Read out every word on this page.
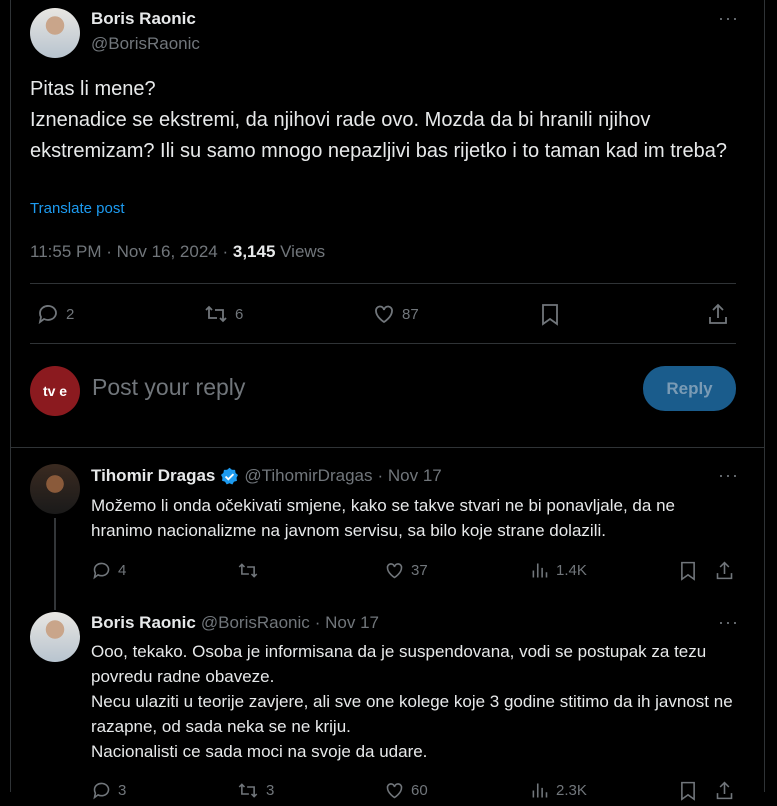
Boris Raonic
@BorisRaonic
···
Pitas li mene?
Iznenadice se ekstremi, da njihovi rade ovo. Mozda da bi hranili njihov ekstremizam? Ili su samo mnogo nepazljivi bas rijetko i to taman kad im treba?
Translate post
11:55 PM · Nov 16, 2024 · 3,145 Views
2	6	87
tv e	Post your reply	Reply
Tihomir Dragas @TihomirDragas · Nov 17	···
Možemo li onda očekivati smjene, kako se takve stvari ne bi ponavljale, da ne hranimo nacionalizme na javnom servisu, sa bilo koje strane dolazili.
4	37	1.4K
Boris Raonic @BorisRaonic · Nov 17	···
Ooo, tekako. Osoba je informisana da je suspendovana, vodi se postupak za tezu povredu radne obaveze.
Necu ulaziti u teorije zavjere, ali sve one kolege koje 3 godine stitimo da ih javnost ne razapne, od sada neka se ne kriju.
Nacionalisti ce sada moci na svoje da udare.
3	3	60	2.3K
